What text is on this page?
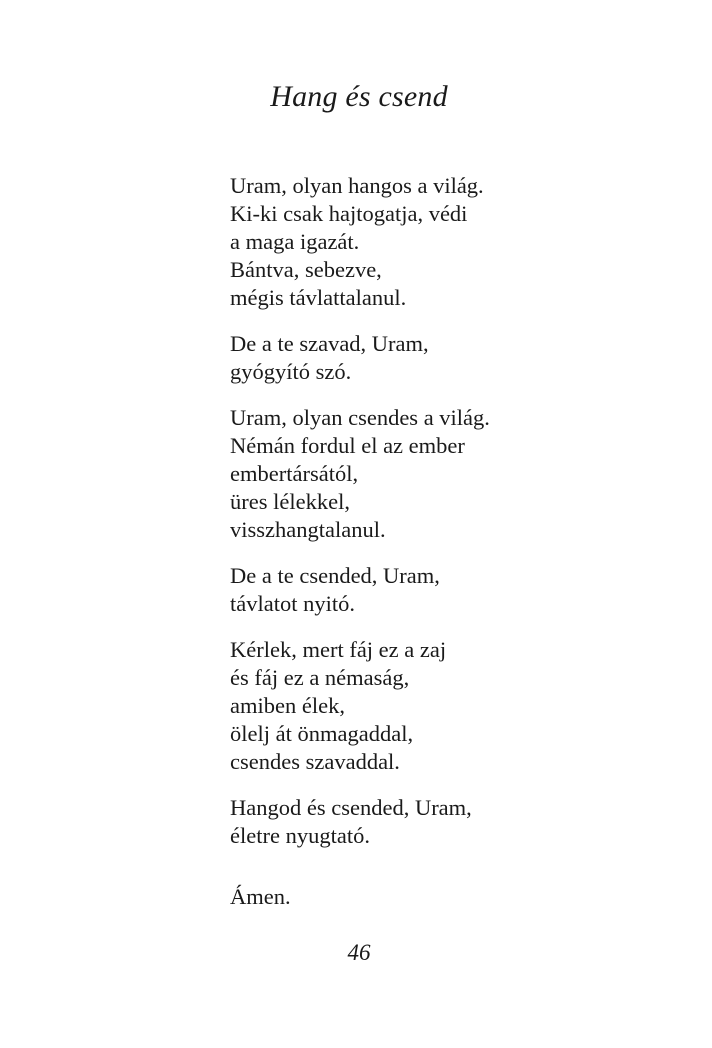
Hang és csend
Uram, olyan hangos a világ.
Ki-ki csak hajtogatja, védi
a maga igazát.
Bántva, sebezve,
mégis távlattalanul.
De a te szavad, Uram,
gyógyító szó.
Uram, olyan csendes a világ.
Némán fordul el az ember
embertársától,
üres lélekkel,
visszhangtalanul.
De a te csended, Uram,
távlatot nyitó.
Kérlek, mert fáj ez a zaj
és fáj ez a némaság,
amiben élek,
ölelj át önmagaddal,
csendes szavaddal.
Hangod és csended, Uram,
életre nyugtató.
Ámen.
46
